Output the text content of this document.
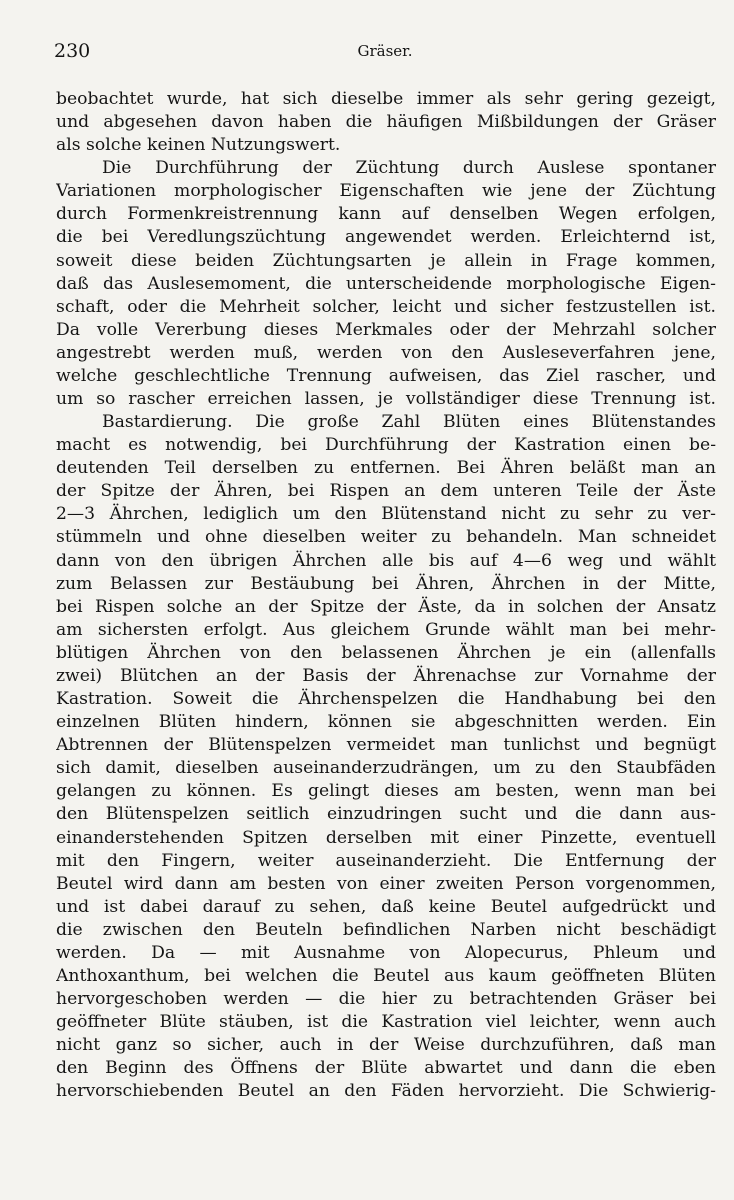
230	Gräser.
beobachtet wurde, hat sich dieselbe immer als sehr gering gezeigt,
und abgesehen davon haben die häufigen Mißbildungen der Gräser
als solche keinen Nutzungswert.
Die Durchführung der Züchtung durch Auslese spontaner
Variationen morphologischer Eigenschaften wie jene der Züchtung
durch Formenkreistrennung kann auf denselben Wegen erfolgen,
die bei Veredlungszüchtung angewendet werden. Erleichternd ist,
soweit diese beiden Züchtungsarten je allein in Frage kommen,
daß das Auslesemoment, die unterscheidende morphologische Eigen-
schaft, oder die Mehrheit solcher, leicht und sicher festzustellen ist.
Da volle Vererbung dieses Merkmales oder der Mehrzahl solcher
angestrebt werden muß, werden von den Ausleseverfahren jene,
welche geschlechtliche Trennung aufweisen, das Ziel rascher, und
um so rascher erreichen lassen, je vollständiger diese Trennung ist.
Bastardierung. Die große Zahl Blüten eines Blütenstandes
macht es notwendig, bei Durchführung der Kastration einen be-
deutenden Teil derselben zu entfernen. Bei Ähren beläßt man an
der Spitze der Ähren, bei Rispen an dem unteren Teile der Äste
2—3 Ährchen, lediglich um den Blütenstand nicht zu sehr zu ver-
stümmeln und ohne dieselben weiter zu behandeln. Man schneidet
dann von den übrigen Ährchen alle bis auf 4—6 weg und wählt
zum Belassen zur Bestäubung bei Ähren, Ährchen in der Mitte,
bei Rispen solche an der Spitze der Äste, da in solchen der Ansatz
am sichersten erfolgt. Aus gleichem Grunde wählt man bei mehr-
blütigen Ährchen von den belassenen Ährchen je ein (allenfalls
zwei) Blütchen an der Basis der Ährenachse zur Vornahme der
Kastration. Soweit die Ährchenspelzen die Handhabung bei den
einzelnen Blüten hindern, können sie abgeschnitten werden. Ein
Abtrennen der Blütenspelzen vermeidet man tunlichst und begnügt
sich damit, dieselben auseinanderzudrängen, um zu den Staubfäden
gelangen zu können. Es gelingt dieses am besten, wenn man bei
den Blütenspelzen seitlich einzudringen sucht und die dann aus-
einanderstehenden Spitzen derselben mit einer Pinzette, eventuell
mit den Fingern, weiter auseinanderzieht. Die Entfernung der
Beutel wird dann am besten von einer zweiten Person vorgenommen,
und ist dabei darauf zu sehen, daß keine Beutel aufgedrückt und
die zwischen den Beuteln befindlichen Narben nicht beschädigt
werden. Da — mit Ausnahme von Alopecurus, Phleum und
Anthoxanthum, bei welchen die Beutel aus kaum geöffneten Blüten
hervorgeschoben werden — die hier zu betrachtenden Gräser bei
geöffneter Blüte stäuben, ist die Kastration viel leichter, wenn auch
nicht ganz so sicher, auch in der Weise durchzuführen, daß man
den Beginn des Öffnens der Blüte abwartet und dann die eben
hervorschiebenden Beutel an den Fäden hervorzieht. Die Schwierig-
